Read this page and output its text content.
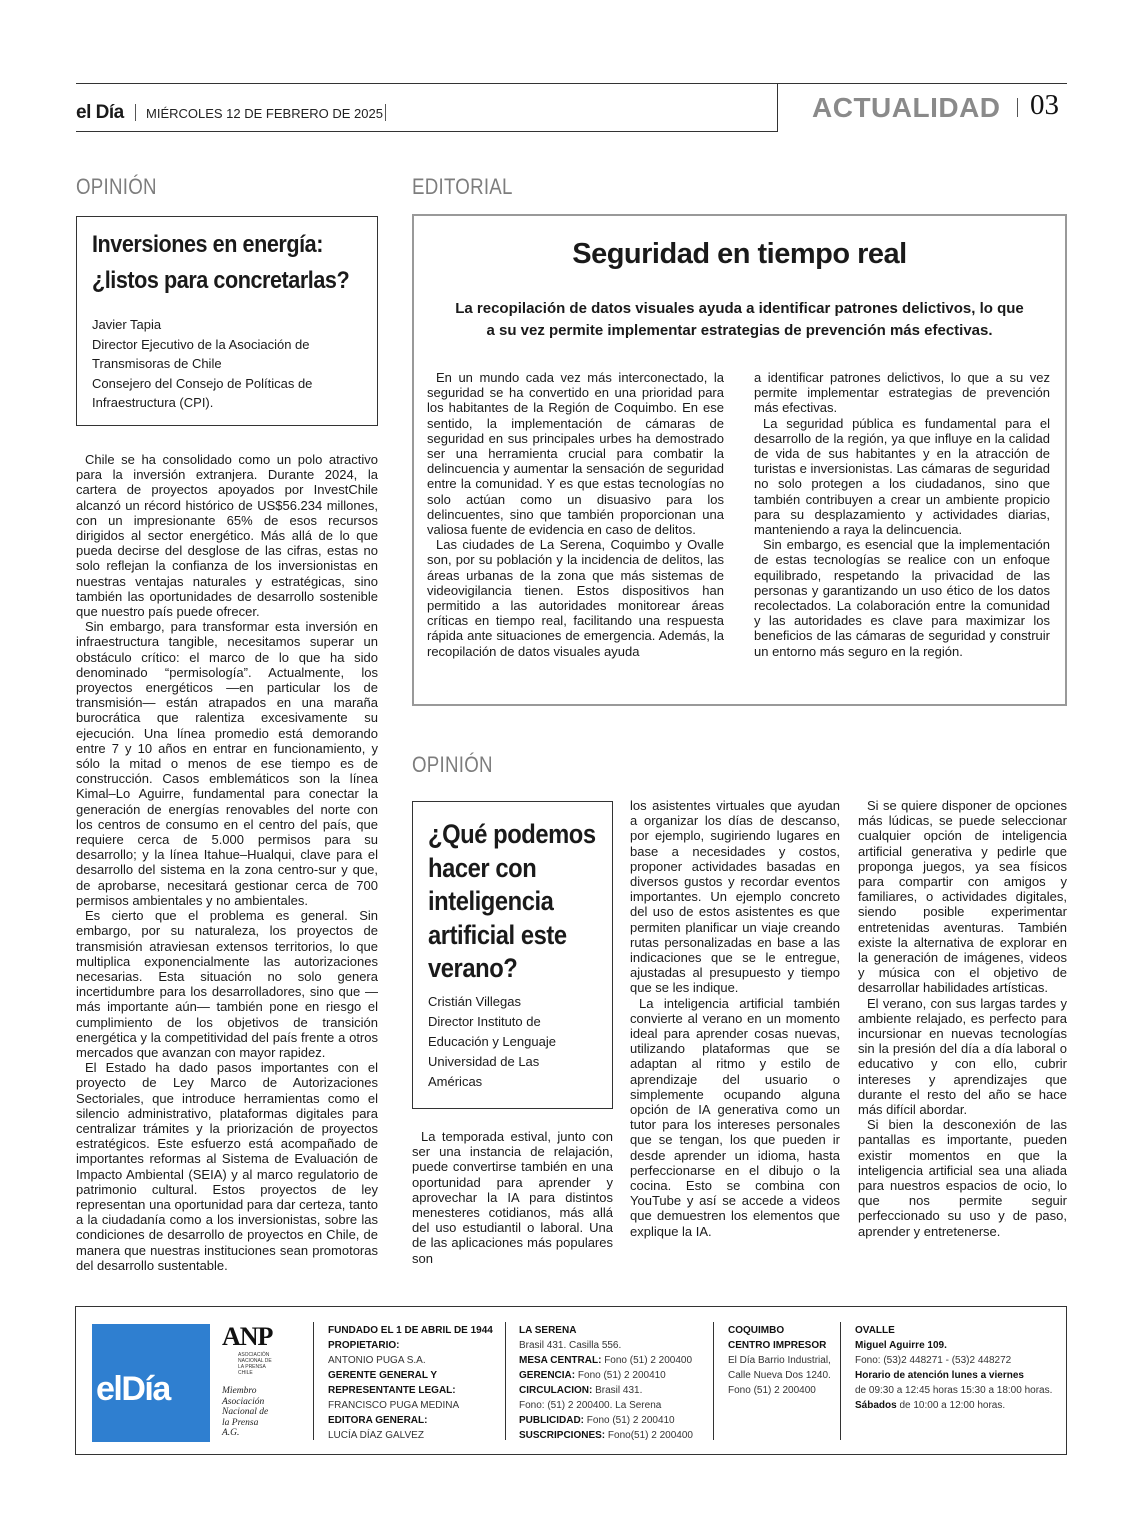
el Día MIÉRCOLES 12 DE FEBRERO DE 2025	ACTUALIDAD 03
OPINIÓN
Inversiones en energía:
¿listos para concretarlas?
Javier Tapia
Director Ejecutivo de la Asociación de
Transmisoras de Chile
Consejero del Consejo de Políticas de
Infraestructura (CPI).

Chile se ha consolidado como un polo atractivo para la inversión extranjera. Durante 2024, la cartera de proyectos apoyados por InvestChile alcanzó un récord histórico de US$56.234 millones, con un impresionante 65% de esos recursos dirigidos al sector energético. Más allá de lo que pueda decirse del desglose de las cifras, estas no solo reflejan la confianza de los inversionistas en nuestras ventajas naturales y estratégicas, sino también las oportunidades de desarrollo sostenible que nuestro país puede ofrecer.

Sin embargo, para transformar esta inversión en infraestructura tangible, necesitamos superar un obstáculo crítico: el marco de lo que ha sido denominado “permisología”. Actualmente, los proyectos energéticos —en particular los de transmisión— están atrapados en una maraña burocrática que ralentiza excesivamente su ejecución. Una línea promedio está demorando entre 7 y 10 años en entrar en funcionamiento, y sólo la mitad o menos de ese tiempo es de construcción. Casos emblemáticos son la línea Kimal–Lo Aguirre, fundamental para conectar la generación de energías renovables del norte con los centros de consumo en el centro del país, que requiere cerca de 5.000 permisos para su desarrollo; y la línea Itahue–Hualqui, clave para el desarrollo del sistema en la zona centro-sur y que, de aprobarse, necesitará gestionar cerca de 700 permisos ambientales y no ambientales.

Es cierto que el problema es general. Sin embargo, por su naturaleza, los proyectos de transmisión atraviesan extensos territorios, lo que multiplica exponencialmente las autorizaciones necesarias. Esta situación no solo genera incertidumbre para los desarrolladores, sino que —más importante aún— también pone en riesgo el cumplimiento de los objetivos de transición energética y la competitividad del país frente a otros mercados que avanzan con mayor rapidez.

El Estado ha dado pasos importantes con el proyecto de Ley Marco de Autorizaciones Sectoriales, que introduce herramientas como el silencio administrativo, plataformas digitales para centralizar trámites y la priorización de proyectos estratégicos. Este esfuerzo está acompañado de importantes reformas al Sistema de Evaluación de Impacto Ambiental (SEIA) y al marco regulatorio de patrimonio cultural. Estos proyectos de ley representan una oportunidad para dar certeza, tanto a la ciudadanía como a los inversionistas, sobre las condiciones de desarrollo de proyectos en Chile, de manera que nuestras instituciones sean promotoras del desarrollo sustentable.

EDITORIAL
Seguridad en tiempo real
La recopilación de datos visuales ayuda a identificar patrones delictivos, lo que
a su vez permite implementar estrategias de prevención más efectivas.

En un mundo cada vez más interconectado, la seguridad se ha convertido en una prioridad para los habitantes de la Región de Coquimbo. En ese sentido, la implementación de cámaras de seguridad en sus principales urbes ha demostrado ser una herramienta crucial para combatir la delincuencia y aumentar la sensación de seguridad entre la comunidad. Y es que estas tecnologías no solo actúan como un disuasivo para los delincuentes, sino que también proporcionan una valiosa fuente de evidencia en caso de delitos.

Las ciudades de La Serena, Coquimbo y Ovalle son, por su población y la incidencia de delitos, las áreas urbanas de la zona que más sistemas de videovigilancia tienen. Estos dispositivos han permitido a las autoridades monitorear áreas críticas en tiempo real, facilitando una respuesta rápida ante situaciones de emergencia. Además, la recopilación de datos visuales ayuda

a identificar patrones delictivos, lo que a su vez permite implementar estrategias de prevención más efectivas.

La seguridad pública es fundamental para el desarrollo de la región, ya que influye en la calidad de vida de sus habitantes y en la atracción de turistas e inversionistas. Las cámaras de seguridad no solo protegen a los ciudadanos, sino que también contribuyen a crear un ambiente propicio para su desplazamiento y actividades diarias, manteniendo a raya la delincuencia.

Sin embargo, es esencial que la implementación de estas tecnologías se realice con un enfoque equilibrado, respetando la privacidad de las personas y garantizando un uso ético de los datos recolectados. La colaboración entre la comunidad y las autoridades es clave para maximizar los beneficios de las cámaras de seguridad y construir un entorno más seguro en la región.

OPINIÓN
¿Qué podemos
hacer con
inteligencia
artificial este
verano?
Cristián Villegas
Director Instituto de
Educación y Lenguaje
Universidad de Las
Américas

La temporada estival, junto con ser una instancia de relajación, puede convertirse también en una oportunidad para aprender y aprovechar la IA para distintos menesteres cotidianos, más allá del uso estudiantil o laboral. Una de las aplicaciones más populares son

los asistentes virtuales que ayudan a organizar los días de descanso, por ejemplo, sugiriendo lugares en base a necesidades y costos, proponer actividades basadas en diversos gustos y recordar eventos importantes. Un ejemplo concreto del uso de estos asistentes es que permiten planificar un viaje creando rutas personalizadas en base a las indicaciones que se le entregue, ajustadas al presupuesto y tiempo que se les indique.

La inteligencia artificial también convierte al verano en un momento ideal para aprender cosas nuevas, utilizando plataformas que se adaptan al ritmo y estilo de aprendizaje del usuario o simplemente ocupando alguna opción de IA generativa como un tutor para los intereses personales que se tengan, los que pueden ir desde aprender un idioma, hasta perfeccionarse en el dibujo o la cocina. Esto se combina con YouTube y así se accede a videos que demuestren los elementos que explique la IA.

Si se quiere disponer de opciones más lúdicas, se puede seleccionar cualquier opción de inteligencia artificial generativa y pedirle que proponga juegos, ya sea físicos para compartir con amigos y familiares, o actividades digitales, siendo posible experimentar entretenidas aventuras. También existe la alternativa de explorar en la generación de imágenes, videos y música con el objetivo de desarrollar habilidades artísticas.

El verano, con sus largas tardes y ambiente relajado, es perfecto para incursionar en nuevas tecnologías sin la presión del día a día laboral o educativo y con ello, cubrir intereses y aprendizajes que durante el resto del año se hace más difícil abordar.

Si bien la desconexión de las pantallas es importante, pueden existir momentos en que la inteligencia artificial sea una aliada para nuestros espacios de ocio, lo que nos permite seguir perfeccionado su uso y de paso, aprender y entretenerse.

elDía
ANP
ASOCIACIÓN NACIONAL DE LA PRENSA CHILE
Miembro
Asociación
Nacional de
la Prensa
A.G.
FUNDADO EL 1 DE ABRIL DE 1944
PROPIETARIO:
ANTONIO PUGA S.A.
GERENTE GENERAL Y
REPRESENTANTE LEGAL:
FRANCISCO PUGA MEDINA
EDITORA GENERAL:
LUCÍA DÍAZ GALVEZ
LA SERENA
Brasil 431. Casilla 556.
MESA CENTRAL: Fono (51) 2 200400
GERENCIA: Fono (51) 2 200410
CIRCULACION: Brasil 431.
Fono: (51) 2 200400. La Serena
PUBLICIDAD: Fono (51) 2 200410
SUSCRIPCIONES: Fono(51) 2 200400
COQUIMBO
CENTRO IMPRESOR
El Día Barrio Industrial,
Calle Nueva Dos 1240.
Fono (51) 2 200400
OVALLE
Miguel Aguirre 109.
Fono: (53)2 448271 - (53)2 448272
Horario de atención lunes a viernes
de 09:30 a 12:45 horas 15:30 a 18:00 horas.
Sábados de 10:00 a 12:00 horas.
